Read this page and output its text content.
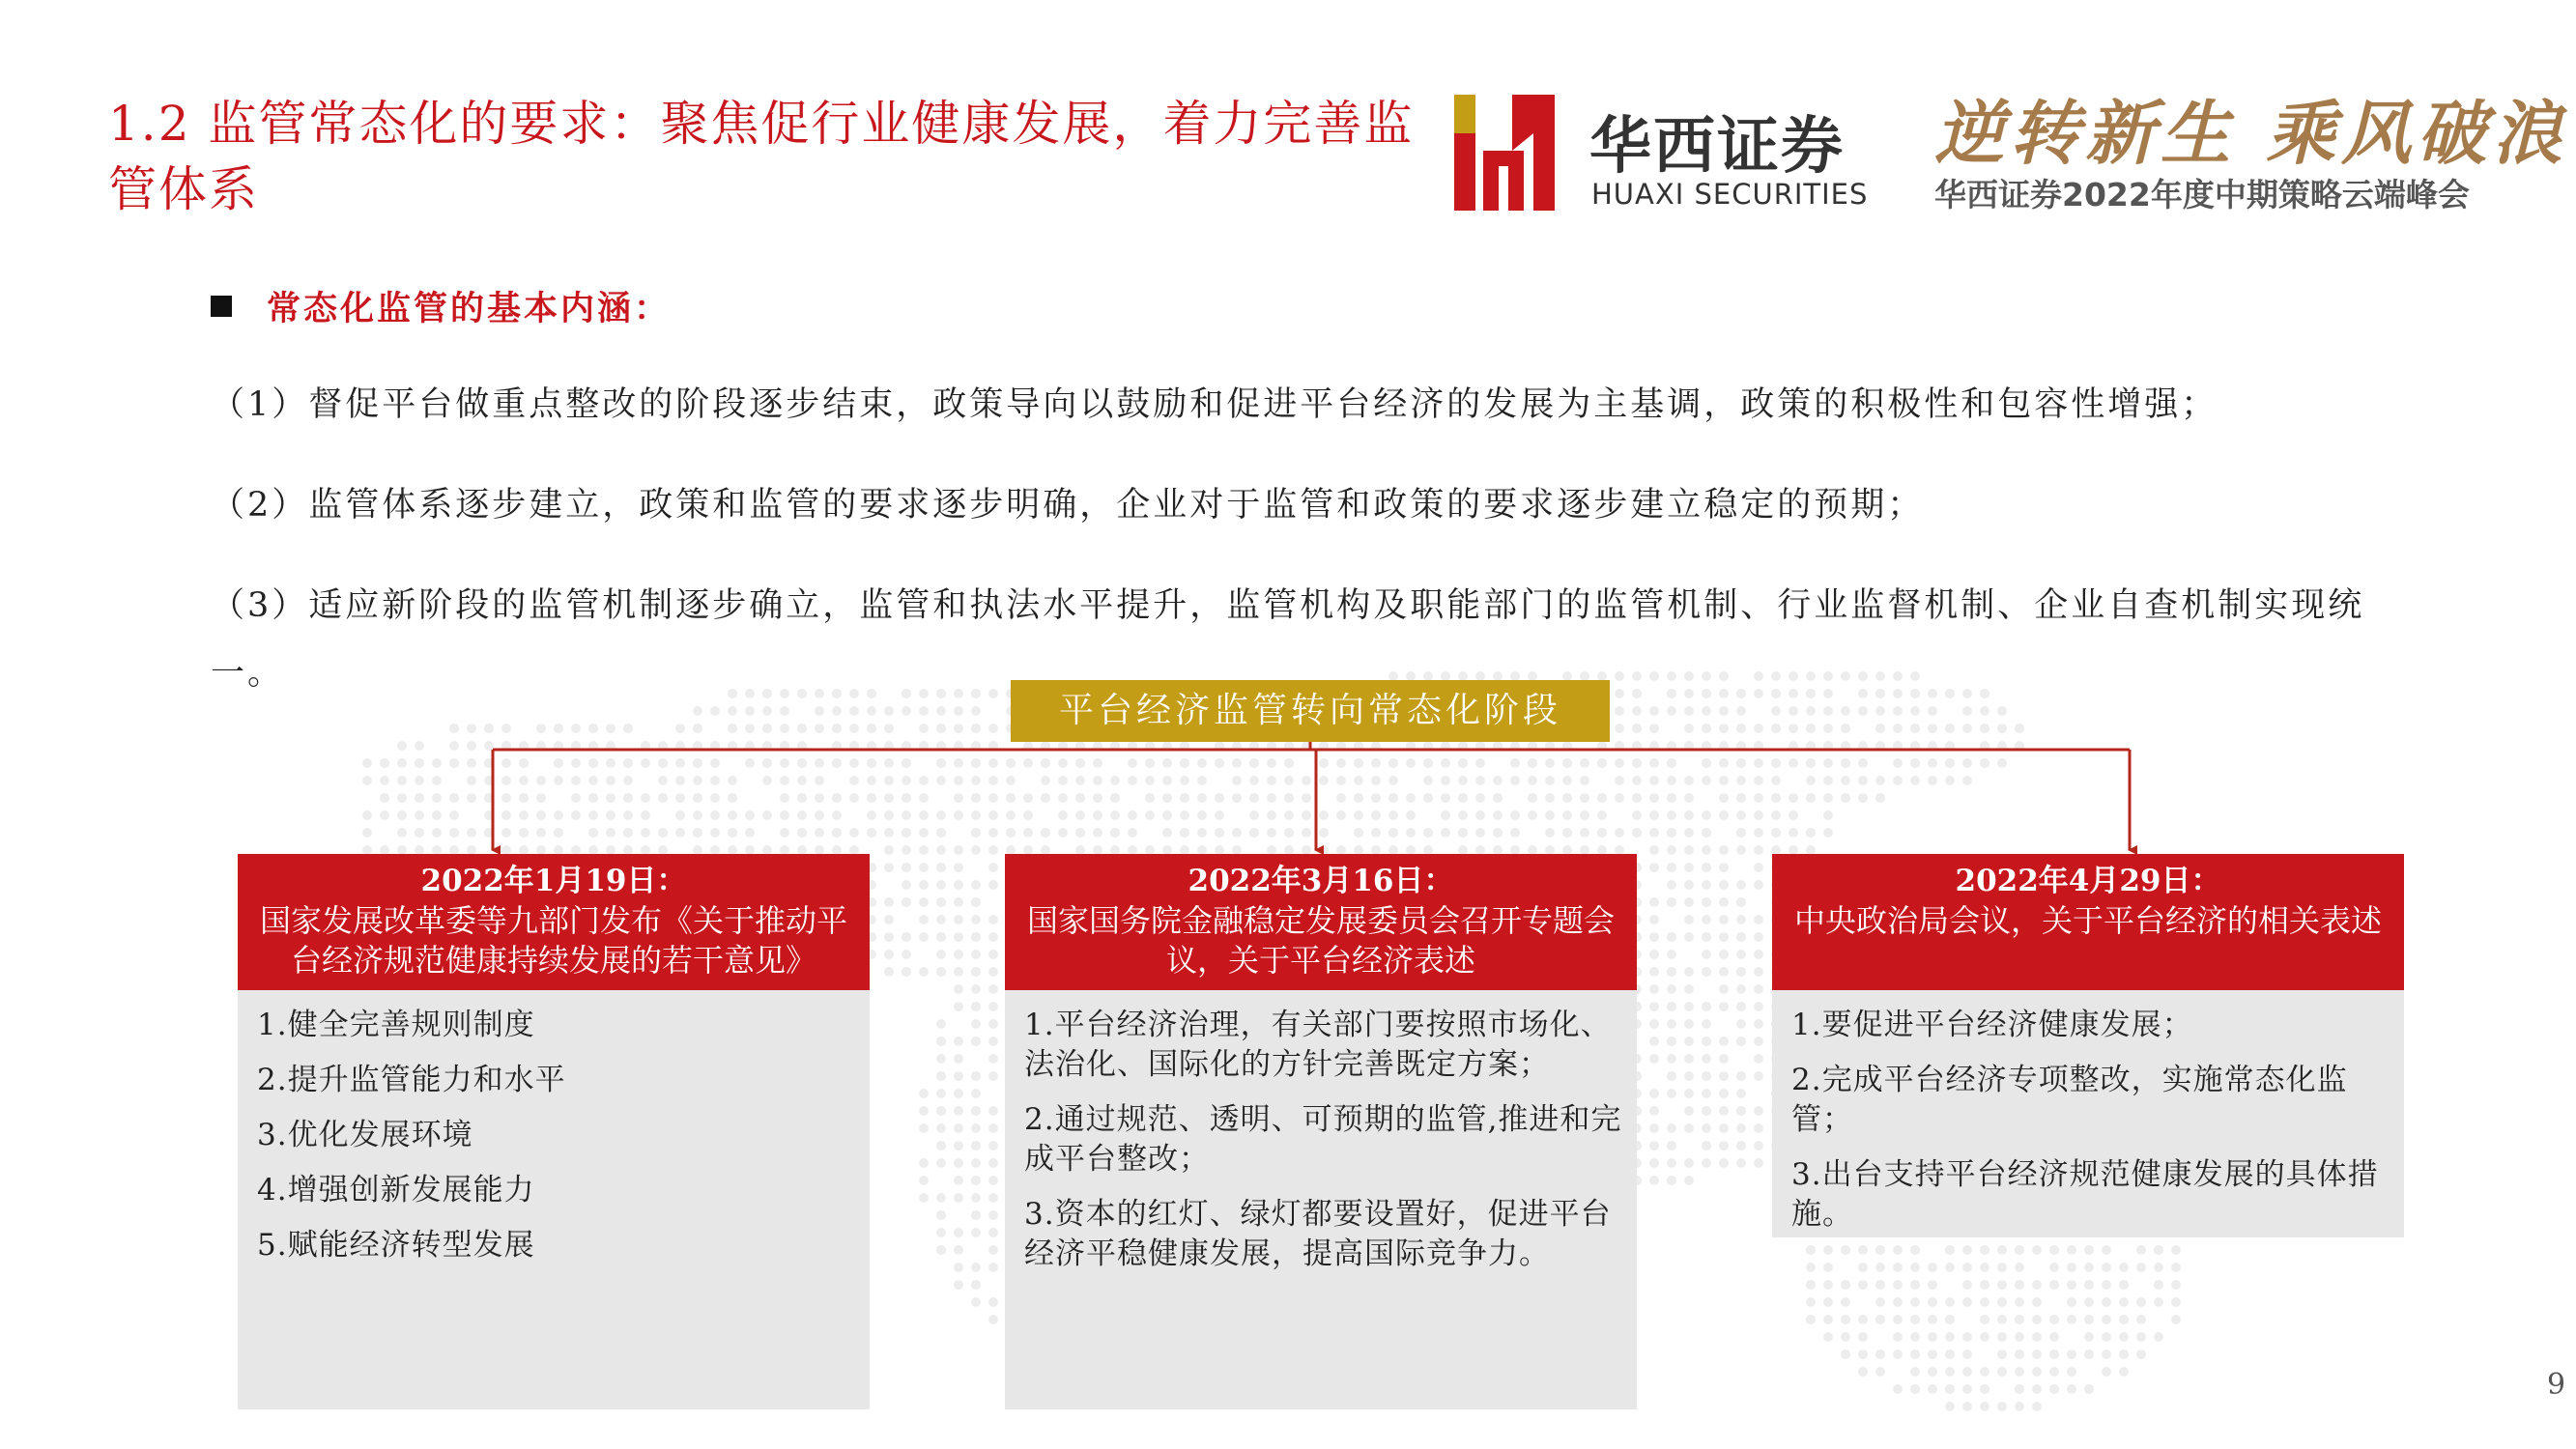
1.2 监管常态化的要求：聚焦促行业健康发展，着力完善监管体系
华西证券
HUAXI SECURITIES
逆转新生 乘风破浪
华西证券2022年度中期策略云端峰会
常态化监管的基本内涵：
（1）督促平台做重点整改的阶段逐步结束，政策导向以鼓励和促进平台经济的发展为主基调，政策的积极性和包容性增强；
（2）监管体系逐步建立，政策和监管的要求逐步明确，企业对于监管和政策的要求逐步建立稳定的预期；
（3）适应新阶段的监管机制逐步确立，监管和执法水平提升，监管机构及职能部门的监管机制、行业监督机制、企业自查机制实现统一。
平台经济监管转向常态化阶段
2022年1月19日：
国家发展改革委等九部门发布《关于推动平台经济规范健康持续发展的若干意见》
1.健全完善规则制度
2.提升监管能力和水平
3.优化发展环境
4.增强创新发展能力
5.赋能经济转型发展
2022年3月16日：
国家国务院金融稳定发展委员会召开专题会议，关于平台经济表述
1.平台经济治理，有关部门要按照市场化、法治化、国际化的方针完善既定方案；
2.通过规范、透明、可预期的监管,推进和完成平台整改；
3.资本的红灯、绿灯都要设置好，促进平台经济平稳健康发展，提高国际竞争力。
2022年4月29日：
中央政治局会议，关于平台经济的相关表述
1.要促进平台经济健康发展；
2.完成平台经济专项整改，实施常态化监管；
3.出台支持平台经济规范健康发展的具体措施。
9
